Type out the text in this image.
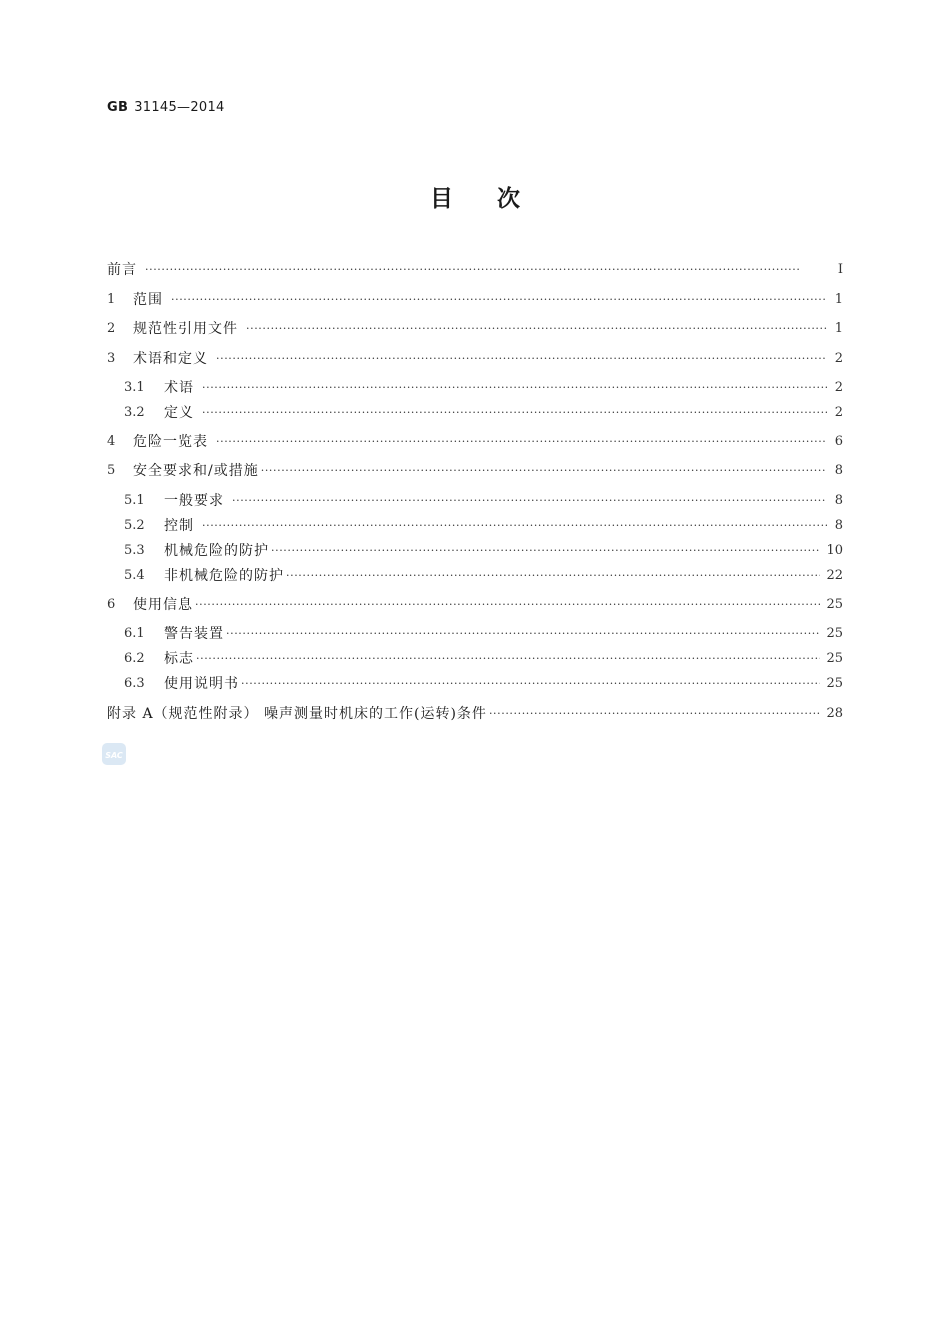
GB 31145—2014
目 次
前言 ·····	Ⅰ
1	范围 ·····	1
2	规范性引用文件 ·····	1
3	术语和定义 ·····	2
3.1	术语 ·····	2
3.2	定义 ·····	2
4	危险一览表 ·····	6
5	安全要求和/或措施 ·····	8
5.1	一般要求 ·····	8
5.2	控制 ·····	8
5.3	机械危险的防护 ·····	10
5.4	非机械危险的防护 ·····	22
6	使用信息 ·····	25
6.1	警告装置 ·····	25
6.2	标志 ·····	25
6.3	使用说明书 ·····	25
附录 A（规范性附录） 噪声测量时机床的工作(运转)条件 ·····	28
SAC
